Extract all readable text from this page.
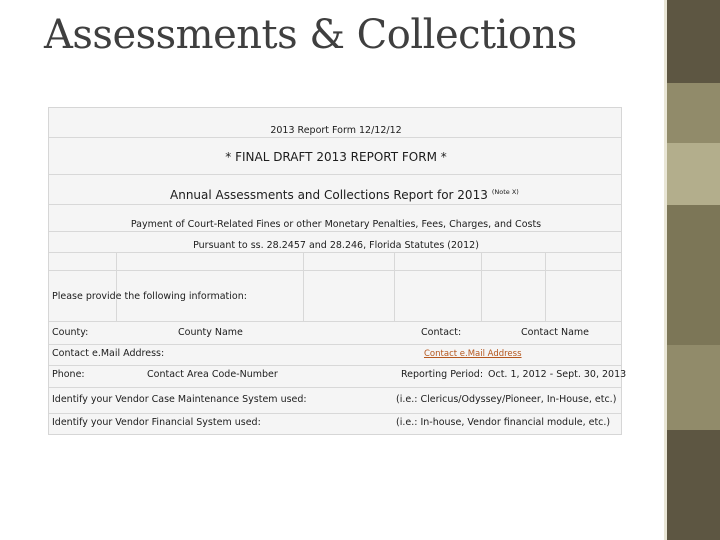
Assessments & Collections
2013 Report Form 12/12/12
* FINAL DRAFT 2013 REPORT FORM *
Annual Assessments and Collections Report for 2013 $^{(Note X)}$
Payment of Court-Related Fines or other Monetary Penalties, Fees, Charges, and Costs
Pursuant to ss. 28.2457 and 28.246, Florida Statutes (2012)
Please provide the following information:
County:	County Name	Contact:	Contact Name
Contact e.Mail Address:	Contact e.Mail Address
Phone:	Contact Area Code-Number	Reporting Period: Oct. 1, 2012 - Sept. 30, 2013
Identify your Vendor Case Maintenance System used:	(i.e.: Clericus/Odyssey/Pioneer, In-House, etc.)
Identify your Vendor Financial System used:	(i.e.: In-house, Vendor financial module, etc.)
